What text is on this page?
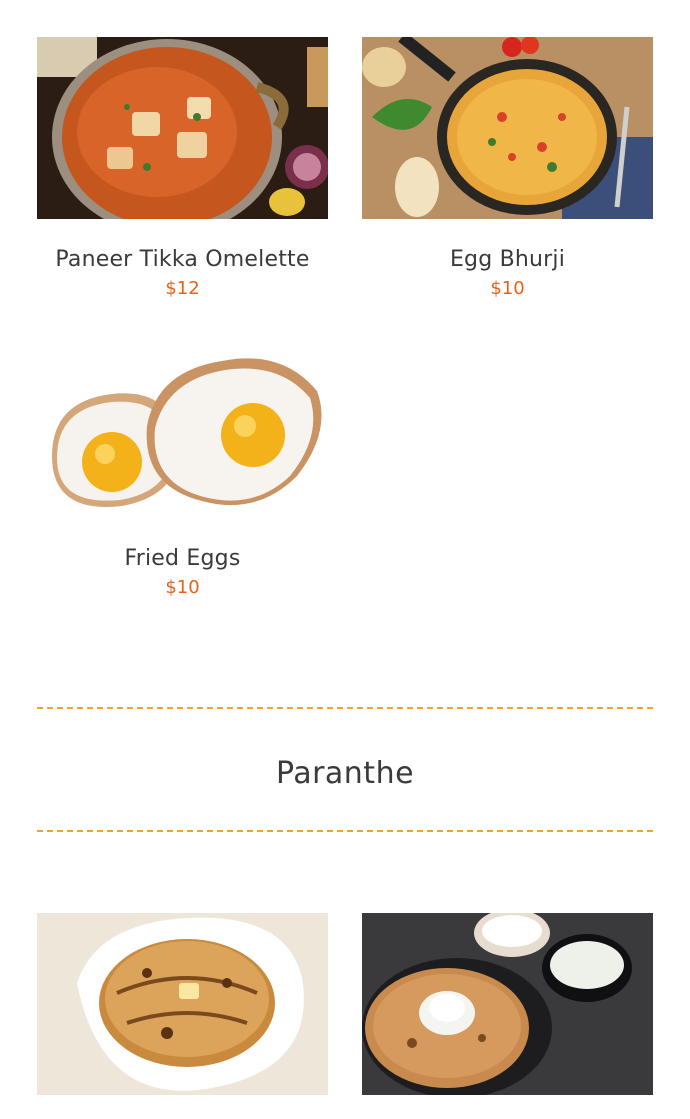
Paneer Tikka Omelette
$12
Egg Bhurji
$10
Fried Eggs
$10
Paranthe
